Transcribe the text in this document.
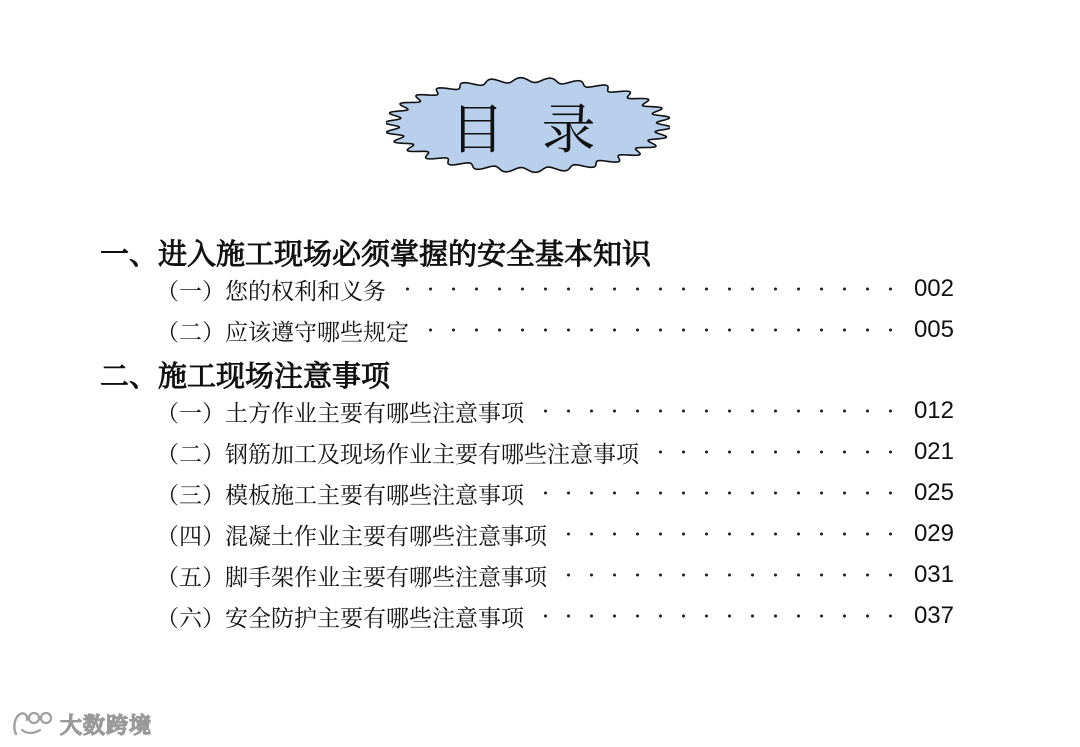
目 录
一、进入施工现场必须掌握的安全基本知识
（一）您的权利和义务	002
（二）应该遵守哪些规定	005
二、施工现场注意事项
（一）土方作业主要有哪些注意事项	012
（二）钢筋加工及现场作业主要有哪些注意事项	021
（三）模板施工主要有哪些注意事项	025
（四）混凝土作业主要有哪些注意事项	029
（五）脚手架作业主要有哪些注意事项	031
（六）安全防护主要有哪些注意事项	037
大数跨境
